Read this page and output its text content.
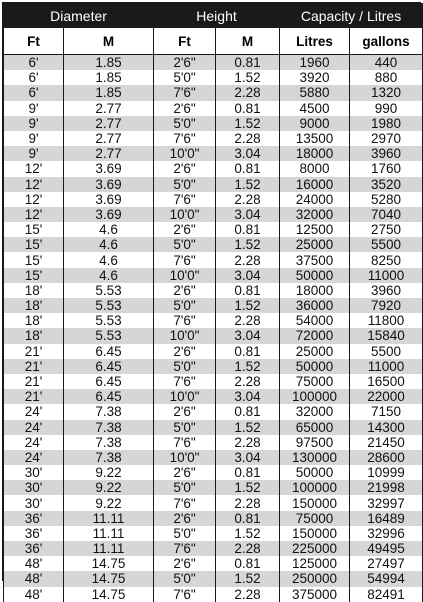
Diameter		Height		Capacity / Litres	
Ft	M	Ft	M	Litres	gallons
6'	1.85	2'6"	0.81	1960	440
6'	1.85	5'0"	1.52	3920	880
6'	1.85	7'6"	2.28	5880	1320
9'	2.77	2'6"	0.81	4500	990
9'	2.77	5'0"	1.52	9000	1980
9'	2.77	7'6"	2.28	13500	2970
9'	2.77	10'0"	3.04	18000	3960
12'	3.69	2'6"	0.81	8000	1760
12'	3.69	5'0"	1.52	16000	3520
12'	3.69	7'6"	2.28	24000	5280
12'	3.69	10'0"	3.04	32000	7040
15'	4.6	2'6"	0.81	12500	2750
15'	4.6	5'0"	1.52	25000	5500
15'	4.6	7'6"	2.28	37500	8250
15'	4.6	10'0"	3.04	50000	11000
18'	5.53	2'6"	0.81	18000	3960
18'	5.53	5'0"	1.52	36000	7920
18'	5.53	7'6"	2.28	54000	11800
18'	5.53	10'0"	3.04	72000	15840
21'	6.45	2'6"	0.81	25000	5500
21'	6.45	5'0"	1.52	50000	11000
21'	6.45	7'6"	2.28	75000	16500
21'	6.45	10'0"	3.04	100000	22000
24'	7.38	2'6"	0.81	32000	7150
24'	7.38	5'0"	1.52	65000	14300
24'	7.38	7'6"	2.28	97500	21450
24'	7.38	10'0"	3.04	130000	28600
30'	9.22	2'6"	0.81	50000	10999
30'	9.22	5'0"	1.52	100000	21998
30'	9.22	7'6"	2.28	150000	32997
36'	11.11	2'6"	0.81	75000	16489
36'	11.11	5'0"	1.52	150000	32996
36'	11.11	7'6"	2.28	225000	49495
48'	14.75	2'6"	0.81	125000	27497
48'	14.75	5'0"	1.52	250000	54994
48'	14.75	7'6"	2.28	375000	82491
